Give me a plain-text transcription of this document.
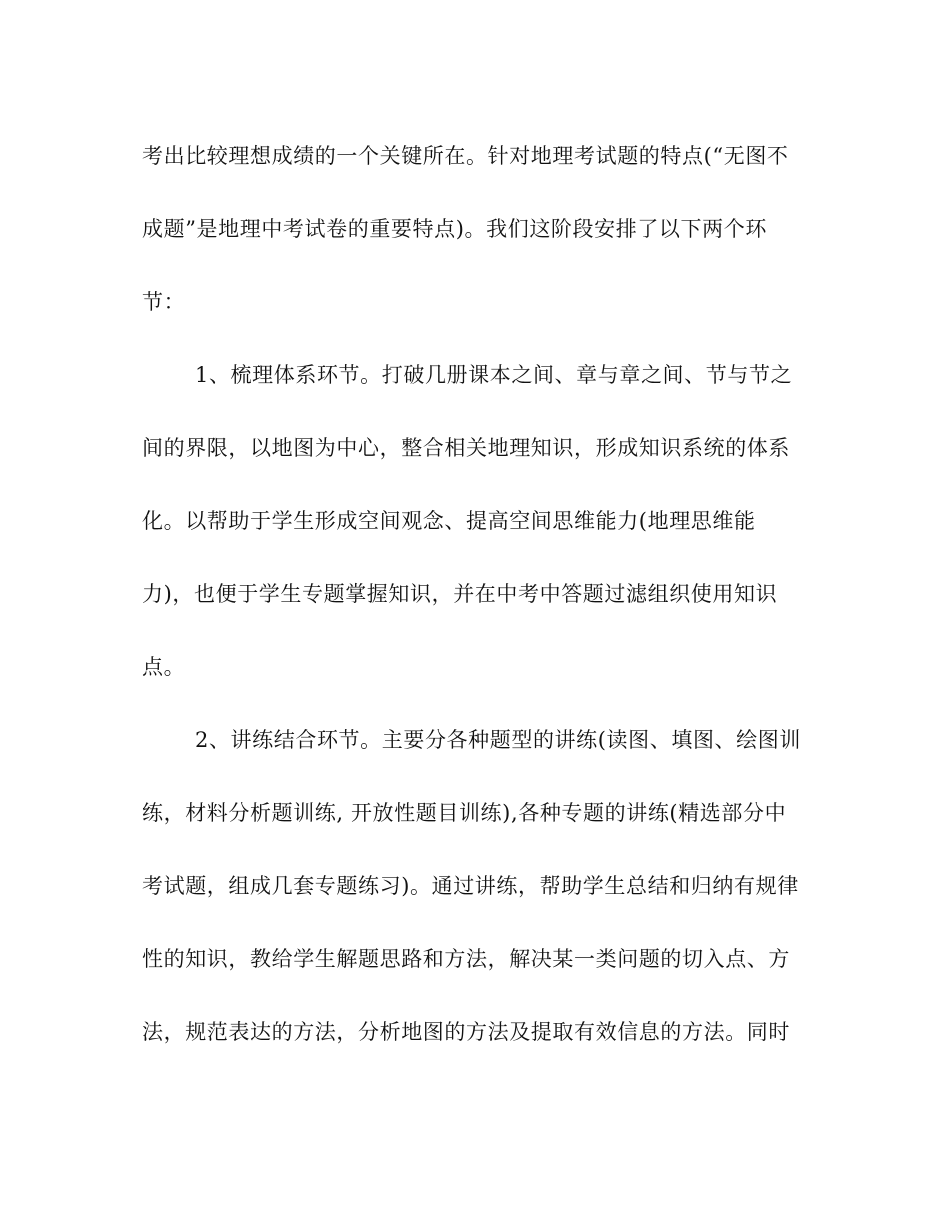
考出比较理想成绩的一个关键所在。针对地理考试题的特点(“无图不

成题”是地理中考试卷的重要特点)。我们这阶段安排了以下两个环

节：

1、梳理体系环节。打破几册课本之间、章与章之间、节与节之

间的界限，以地图为中心，整合相关地理知识，形成知识系统的体系

化。以帮助于学生形成空间观念、提高空间思维能力(地理思维能

力)，也便于学生专题掌握知识，并在中考中答题过滤组织使用知识

点。

2、讲练结合环节。主要分各种题型的讲练(读图、填图、绘图训

练，材料分析题训练, 开放性题目训练),各种专题的讲练(精选部分中

考试题，组成几套专题练习)。通过讲练，帮助学生总结和归纳有规律

性的知识，教给学生解题思路和方法，解决某一类问题的切入点、方

法，规范表达的方法，分析地图的方法及提取有效信息的方法。同时
